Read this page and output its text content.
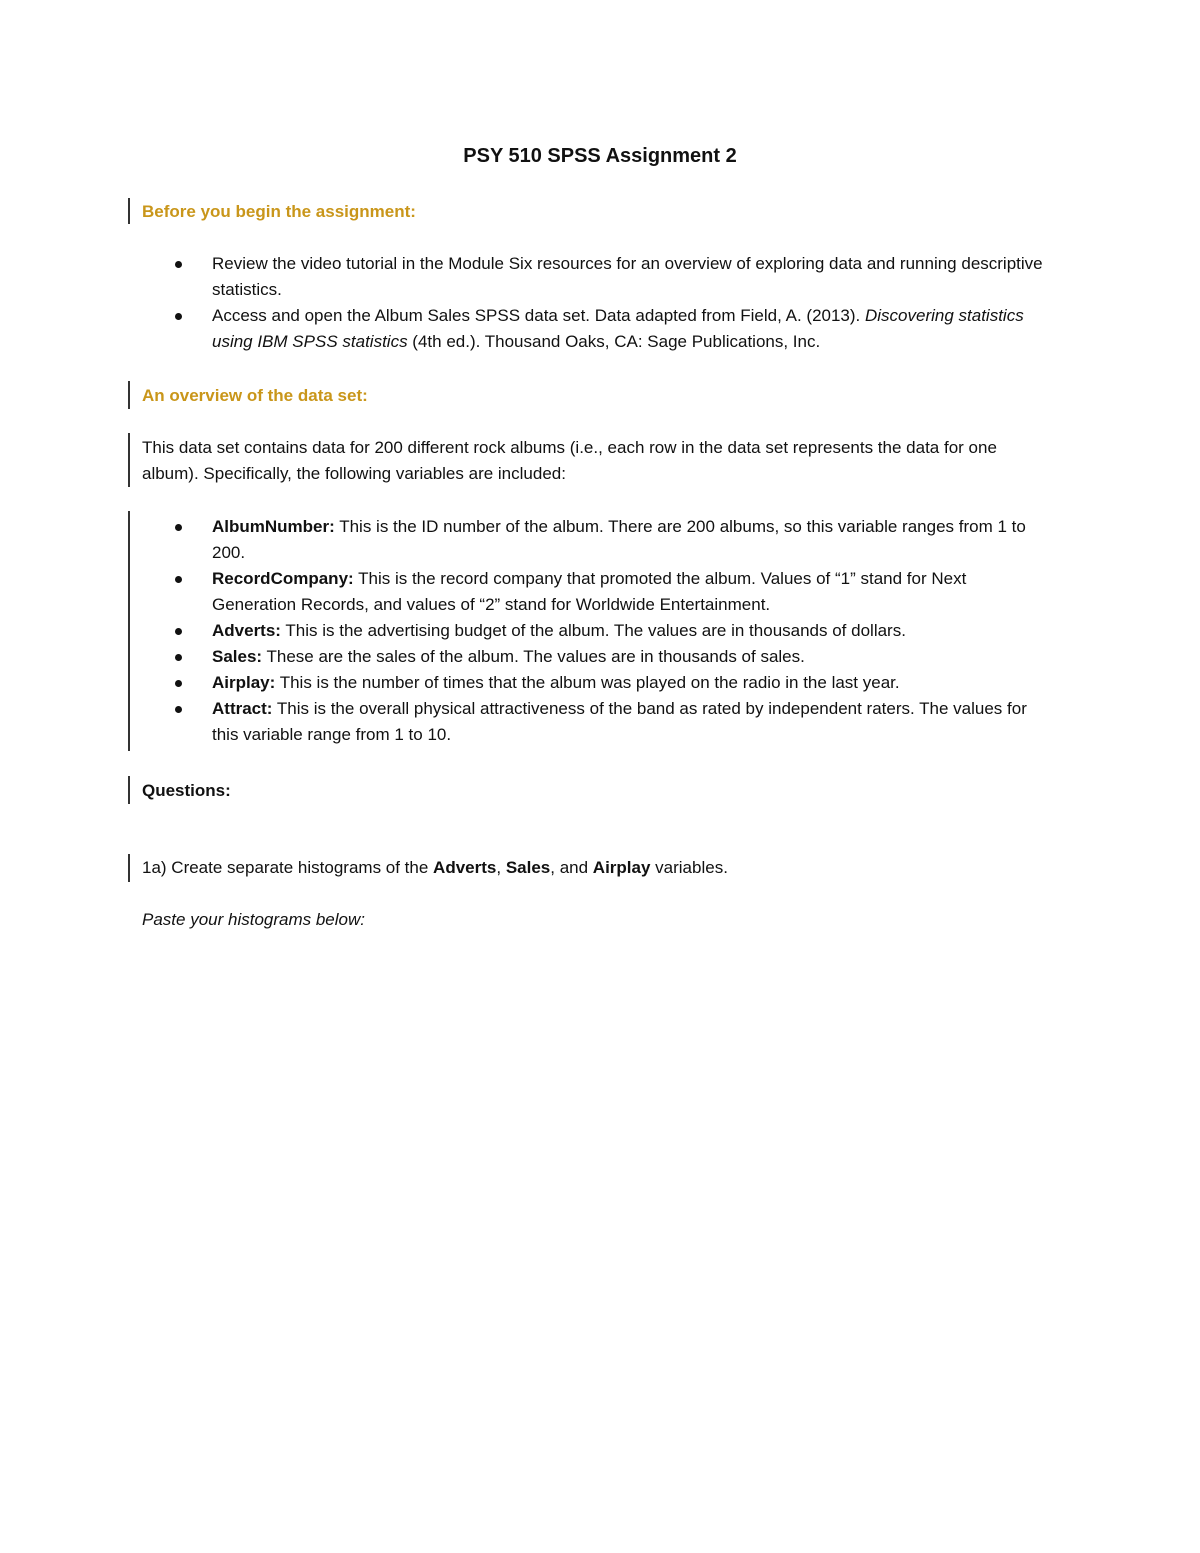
PSY 510 SPSS Assignment 2
Before you begin the assignment:
Review the video tutorial in the Module Six resources for an overview of exploring data and running descriptive statistics.
Access and open the Album Sales SPSS data set. Data adapted from Field, A. (2013). Discovering statistics using IBM SPSS statistics (4th ed.). Thousand Oaks, CA: Sage Publications, Inc.
An overview of the data set:
This data set contains data for 200 different rock albums (i.e., each row in the data set represents the data for one album). Specifically, the following variables are included:
AlbumNumber: This is the ID number of the album. There are 200 albums, so this variable ranges from 1 to 200.
RecordCompany: This is the record company that promoted the album. Values of “1” stand for Next Generation Records, and values of “2” stand for Worldwide Entertainment.
Adverts: This is the advertising budget of the album. The values are in thousands of dollars.
Sales: These are the sales of the album. The values are in thousands of sales.
Airplay: This is the number of times that the album was played on the radio in the last year.
Attract: This is the overall physical attractiveness of the band as rated by independent raters. The values for this variable range from 1 to 10.
Questions:
1a) Create separate histograms of the Adverts, Sales, and Airplay variables.
Paste your histograms below:
